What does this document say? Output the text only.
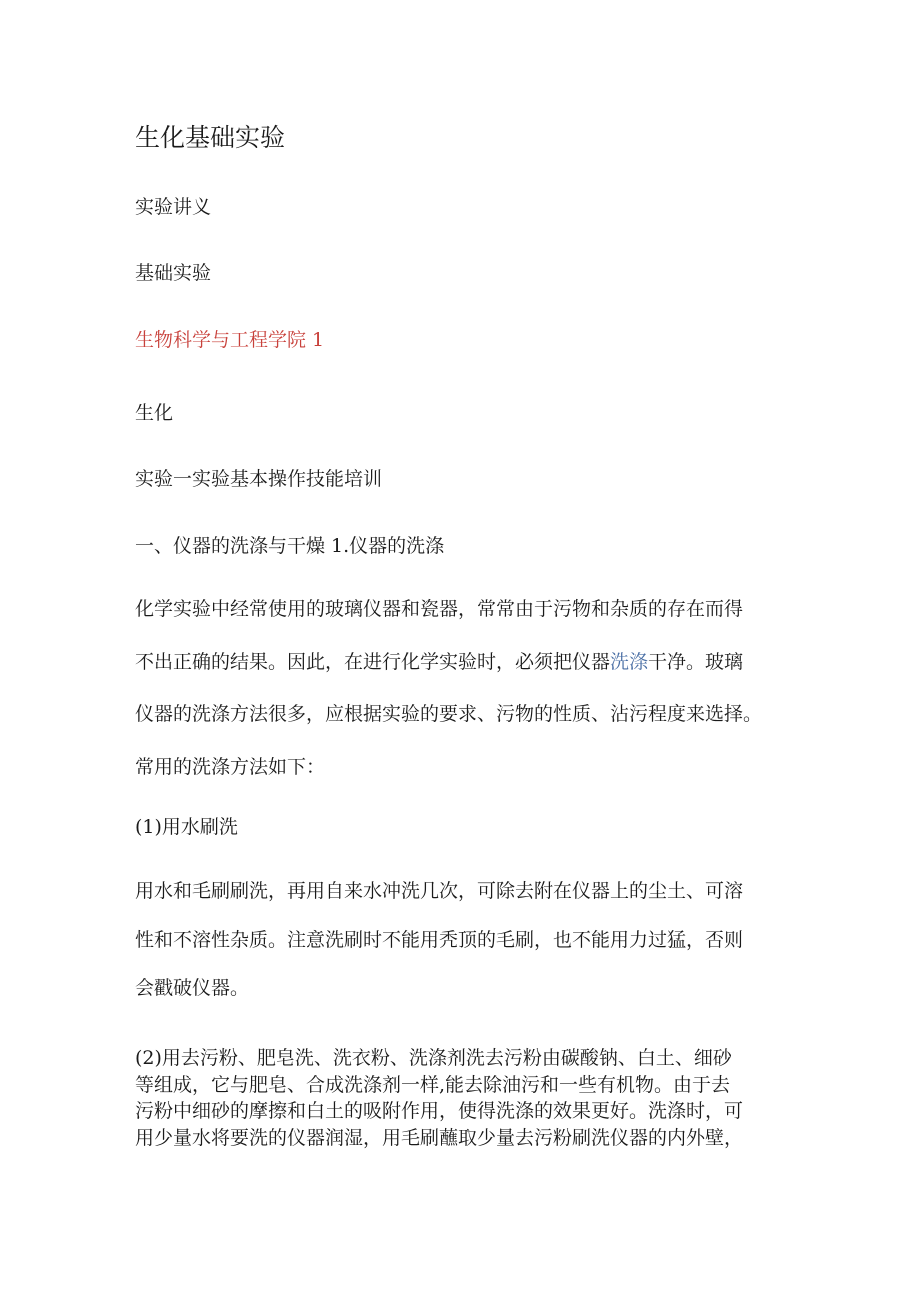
生化基础实验

实验讲义

基础实验

生物科学与工程学院 1

生化

实验一实验基本操作技能培训

一、仪器的洗涤与干燥 1.仪器的洗涤

化学实验中经常使用的玻璃仪器和瓷器，常常由于污物和杂质的存在而得
不出正确的结果。因此，在进行化学实验时，必须把仪器洗涤干净。玻璃
仪器的洗涤方法很多，应根据实验的要求、污物的性质、沾污程度来选择。
常用的洗涤方法如下：

(1)用水刷洗

用水和毛刷刷洗，再用自来水冲洗几次，可除去附在仪器上的尘土、可溶
性和不溶性杂质。注意洗刷时不能用秃顶的毛刷，也不能用力过猛，否则
会戳破仪器。
(2)用去污粉、肥皂洗、洗衣粉、洗涤剂洗去污粉由碳酸钠、白土、细砂
等组成，它与肥皂、合成洗涤剂一样,能去除油污和一些有机物。由于去
污粉中细砂的摩擦和白土的吸附作用，使得洗涤的效果更好。洗涤时，可
用少量水将要洗的仪器润湿，用毛刷蘸取少量去污粉刷洗仪器的内外壁，
